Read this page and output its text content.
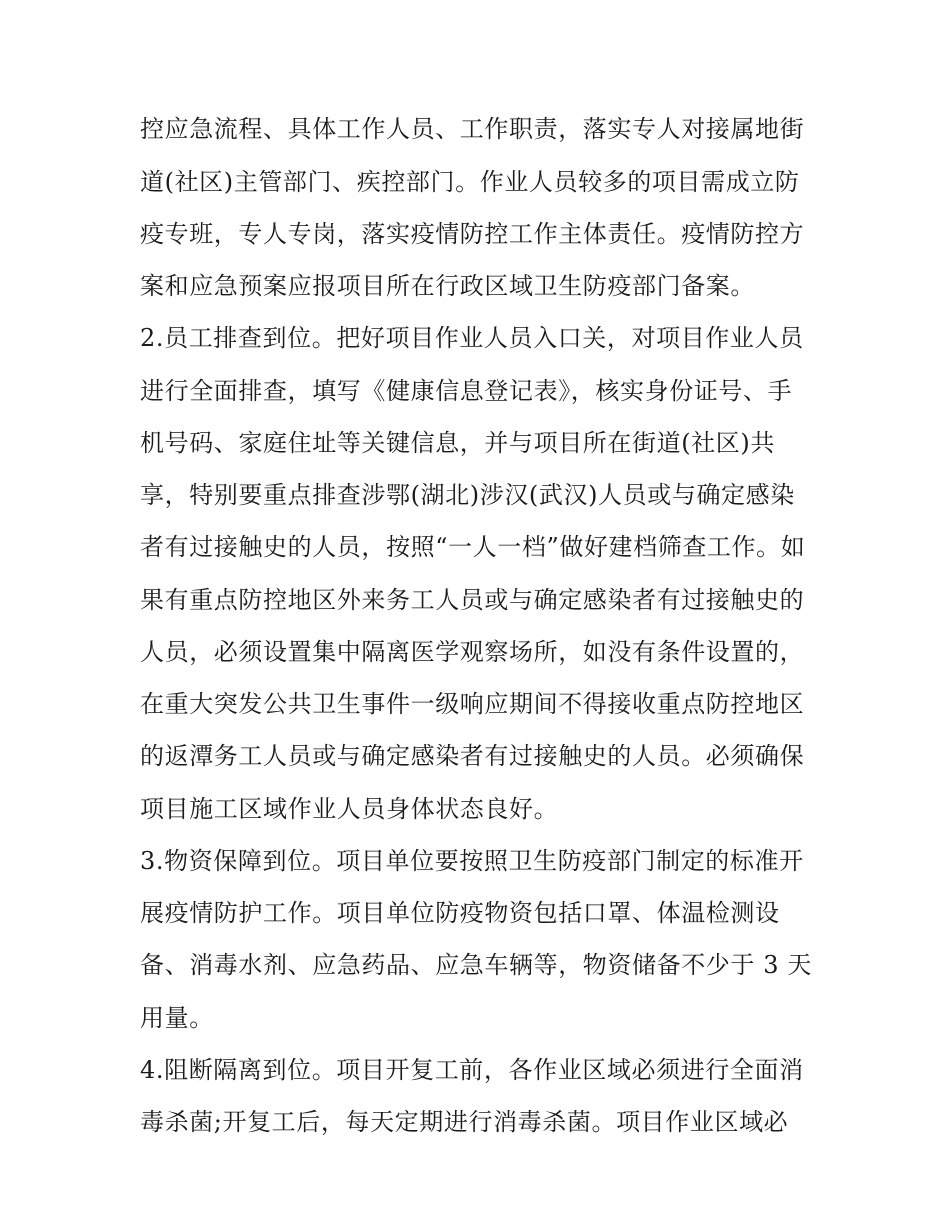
控应急流程、具体工作人员、工作职责，落实专人对接属地街
道(社区)主管部门、疾控部门。作业人员较多的项目需成立防
疫专班，专人专岗，落实疫情防控工作主体责任。疫情防控方
案和应急预案应报项目所在行政区域卫生防疫部门备案。
2.员工排查到位。把好项目作业人员入口关，对项目作业人员
进行全面排查，填写《健康信息登记表》，核实身份证号、手
机号码、家庭住址等关键信息，并与项目所在街道(社区)共
享，特别要重点排查涉鄂(湖北)涉汉(武汉)人员或与确定感染
者有过接触史的人员，按照“一人一档”做好建档筛查工作。如
果有重点防控地区外来务工人员或与确定感染者有过接触史的
人员，必须设置集中隔离医学观察场所，如没有条件设置的，
在重大突发公共卫生事件一级响应期间不得接收重点防控地区
的返潭务工人员或与确定感染者有过接触史的人员。必须确保
项目施工区域作业人员身体状态良好。
3.物资保障到位。项目单位要按照卫生防疫部门制定的标准开
展疫情防护工作。项目单位防疫物资包括口罩、体温检测设
备、消毒水剂、应急药品、应急车辆等，物资储备不少于 3 天
用量。
4.阻断隔离到位。项目开复工前，各作业区域必须进行全面消
毒杀菌;开复工后，每天定期进行消毒杀菌。项目作业区域必
